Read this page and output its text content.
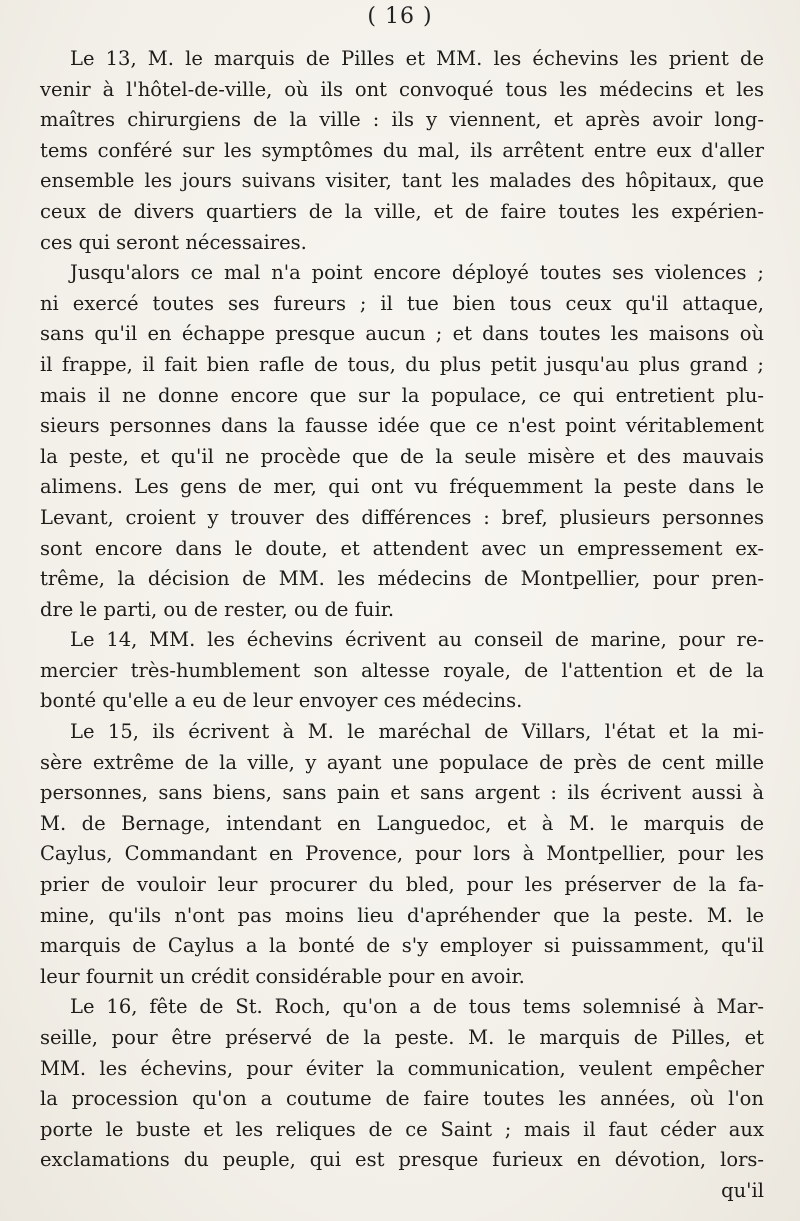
( 16 )
Le 13, M. le marquis de Pilles et MM. les échevins les prient de
venir à l'hôtel-de-ville, où ils ont convoqué tous les médecins et les
maîtres chirurgiens de la ville : ils y viennent, et après avoir long-
tems conféré sur les symptômes du mal, ils arrêtent entre eux d'aller
ensemble les jours suivans visiter, tant les malades des hôpitaux, que
ceux de divers quartiers de la ville, et de faire toutes les expérien-
ces qui seront nécessaires.
Jusqu'alors ce mal n'a point encore déployé toutes ses violences ;
ni exercé toutes ses fureurs ; il tue bien tous ceux qu'il attaque,
sans qu'il en échappe presque aucun ; et dans toutes les maisons où
il frappe, il fait bien rafle de tous, du plus petit jusqu'au plus grand ;
mais il ne donne encore que sur la populace, ce qui entretient plu-
sieurs personnes dans la fausse idée que ce n'est point véritablement
la peste, et qu'il ne procède que de la seule misère et des mauvais
alimens. Les gens de mer, qui ont vu fréquemment la peste dans le
Levant, croient y trouver des différences : bref, plusieurs personnes
sont encore dans le doute, et attendent avec un empressement ex-
trême, la décision de MM. les médecins de Montpellier, pour pren-
dre le parti, ou de rester, ou de fuir.
Le 14, MM. les échevins écrivent au conseil de marine, pour re-
mercier très-humblement son altesse royale, de l'attention et de la
bonté qu'elle a eu de leur envoyer ces médecins.
Le 15, ils écrivent à M. le maréchal de Villars, l'état et la mi-
sère extrême de la ville, y ayant une populace de près de cent mille
personnes, sans biens, sans pain et sans argent : ils écrivent aussi à
M. de Bernage, intendant en Languedoc, et à M. le marquis de
Caylus, Commandant en Provence, pour lors à Montpellier, pour les
prier de vouloir leur procurer du bled, pour les préserver de la fa-
mine, qu'ils n'ont pas moins lieu d'apréhender que la peste. M. le
marquis de Caylus a la bonté de s'y employer si puissamment, qu'il
leur fournit un crédit considérable pour en avoir.
Le 16, fête de St. Roch, qu'on a de tous tems solemnisé à Mar-
seille, pour être préservé de la peste. M. le marquis de Pilles, et
MM. les échevins, pour éviter la communication, veulent empêcher
la procession qu'on a coutume de faire toutes les années, où l'on
porte le buste et les reliques de ce Saint ; mais il faut céder aux
exclamations du peuple, qui est presque furieux en dévotion, lors-
qu'il
